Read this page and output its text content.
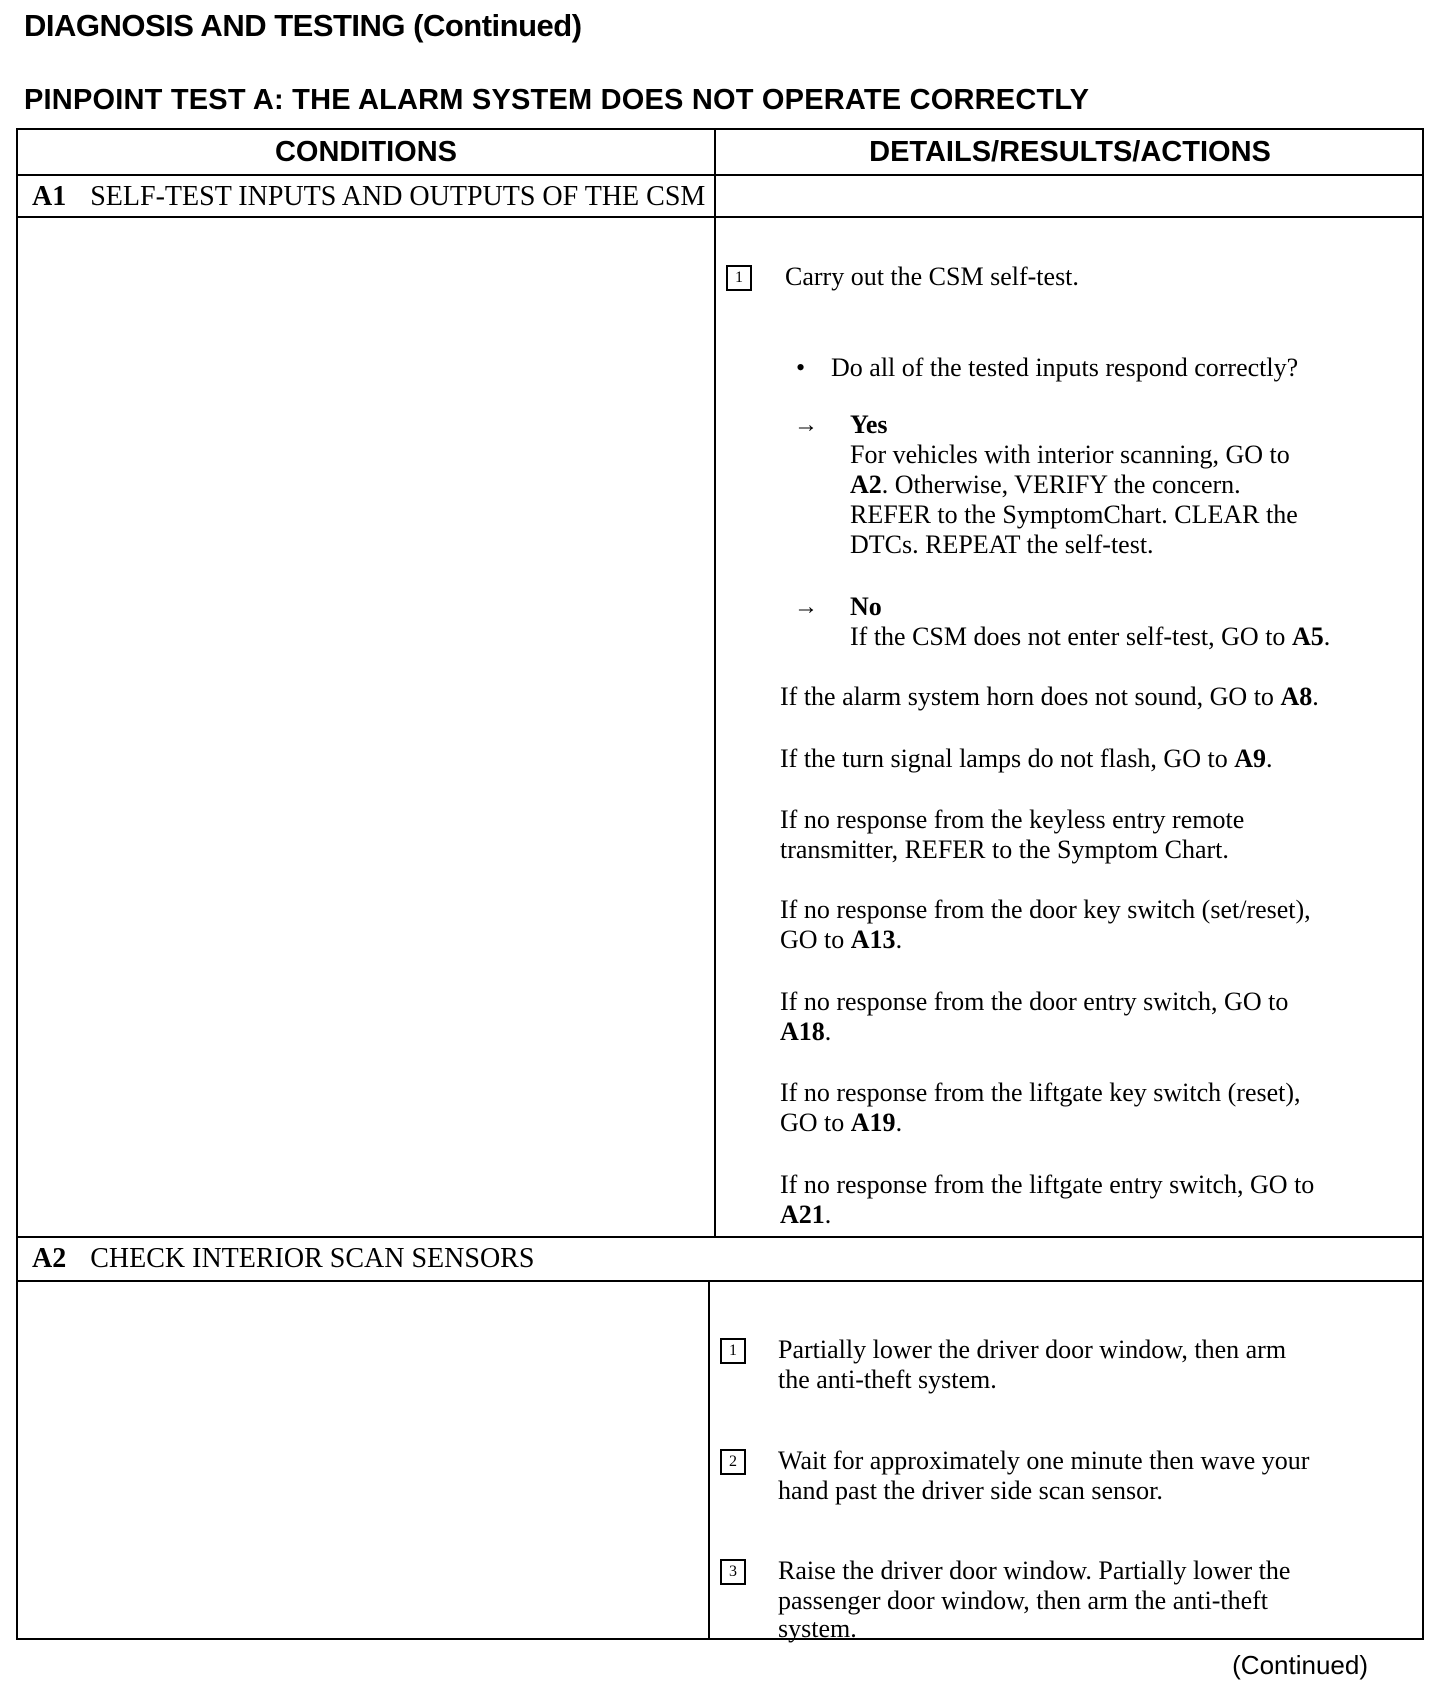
DIAGNOSIS AND TESTING (Continued)
PINPOINT TEST A: THE ALARM SYSTEM DOES NOT OPERATE CORRECTLY
CONDITIONS	DETAILS/RESULTS/ACTIONS
A1 SELF-TEST INPUTS AND OUTPUTS OF THE CSM
1	Carry out the CSM self-test.
• Do all of the tested inputs respond correctly?
→ Yes
For vehicles with interior scanning, GO to
A2. Otherwise, VERIFY the concern.
REFER to the SymptomChart. CLEAR the
DTCs. REPEAT the self-test.
→ No
If the CSM does not enter self-test, GO to A5.
If the alarm system horn does not sound, GO to A8.
If the turn signal lamps do not flash, GO to A9.
If no response from the keyless entry remote
transmitter, REFER to the Symptom Chart.
If no response from the door key switch (set/reset),
GO to A13.
If no response from the door entry switch, GO to
A18.
If no response from the liftgate key switch (reset),
GO to A19.
If no response from the liftgate entry switch, GO to
A21.
A2 CHECK INTERIOR SCAN SENSORS
1	Partially lower the driver door window, then arm
the anti-theft system.
2	Wait for approximately one minute then wave your
hand past the driver side scan sensor.
3	Raise the driver door window. Partially lower the
passenger door window, then arm the anti-theft
system.
(Continued)
